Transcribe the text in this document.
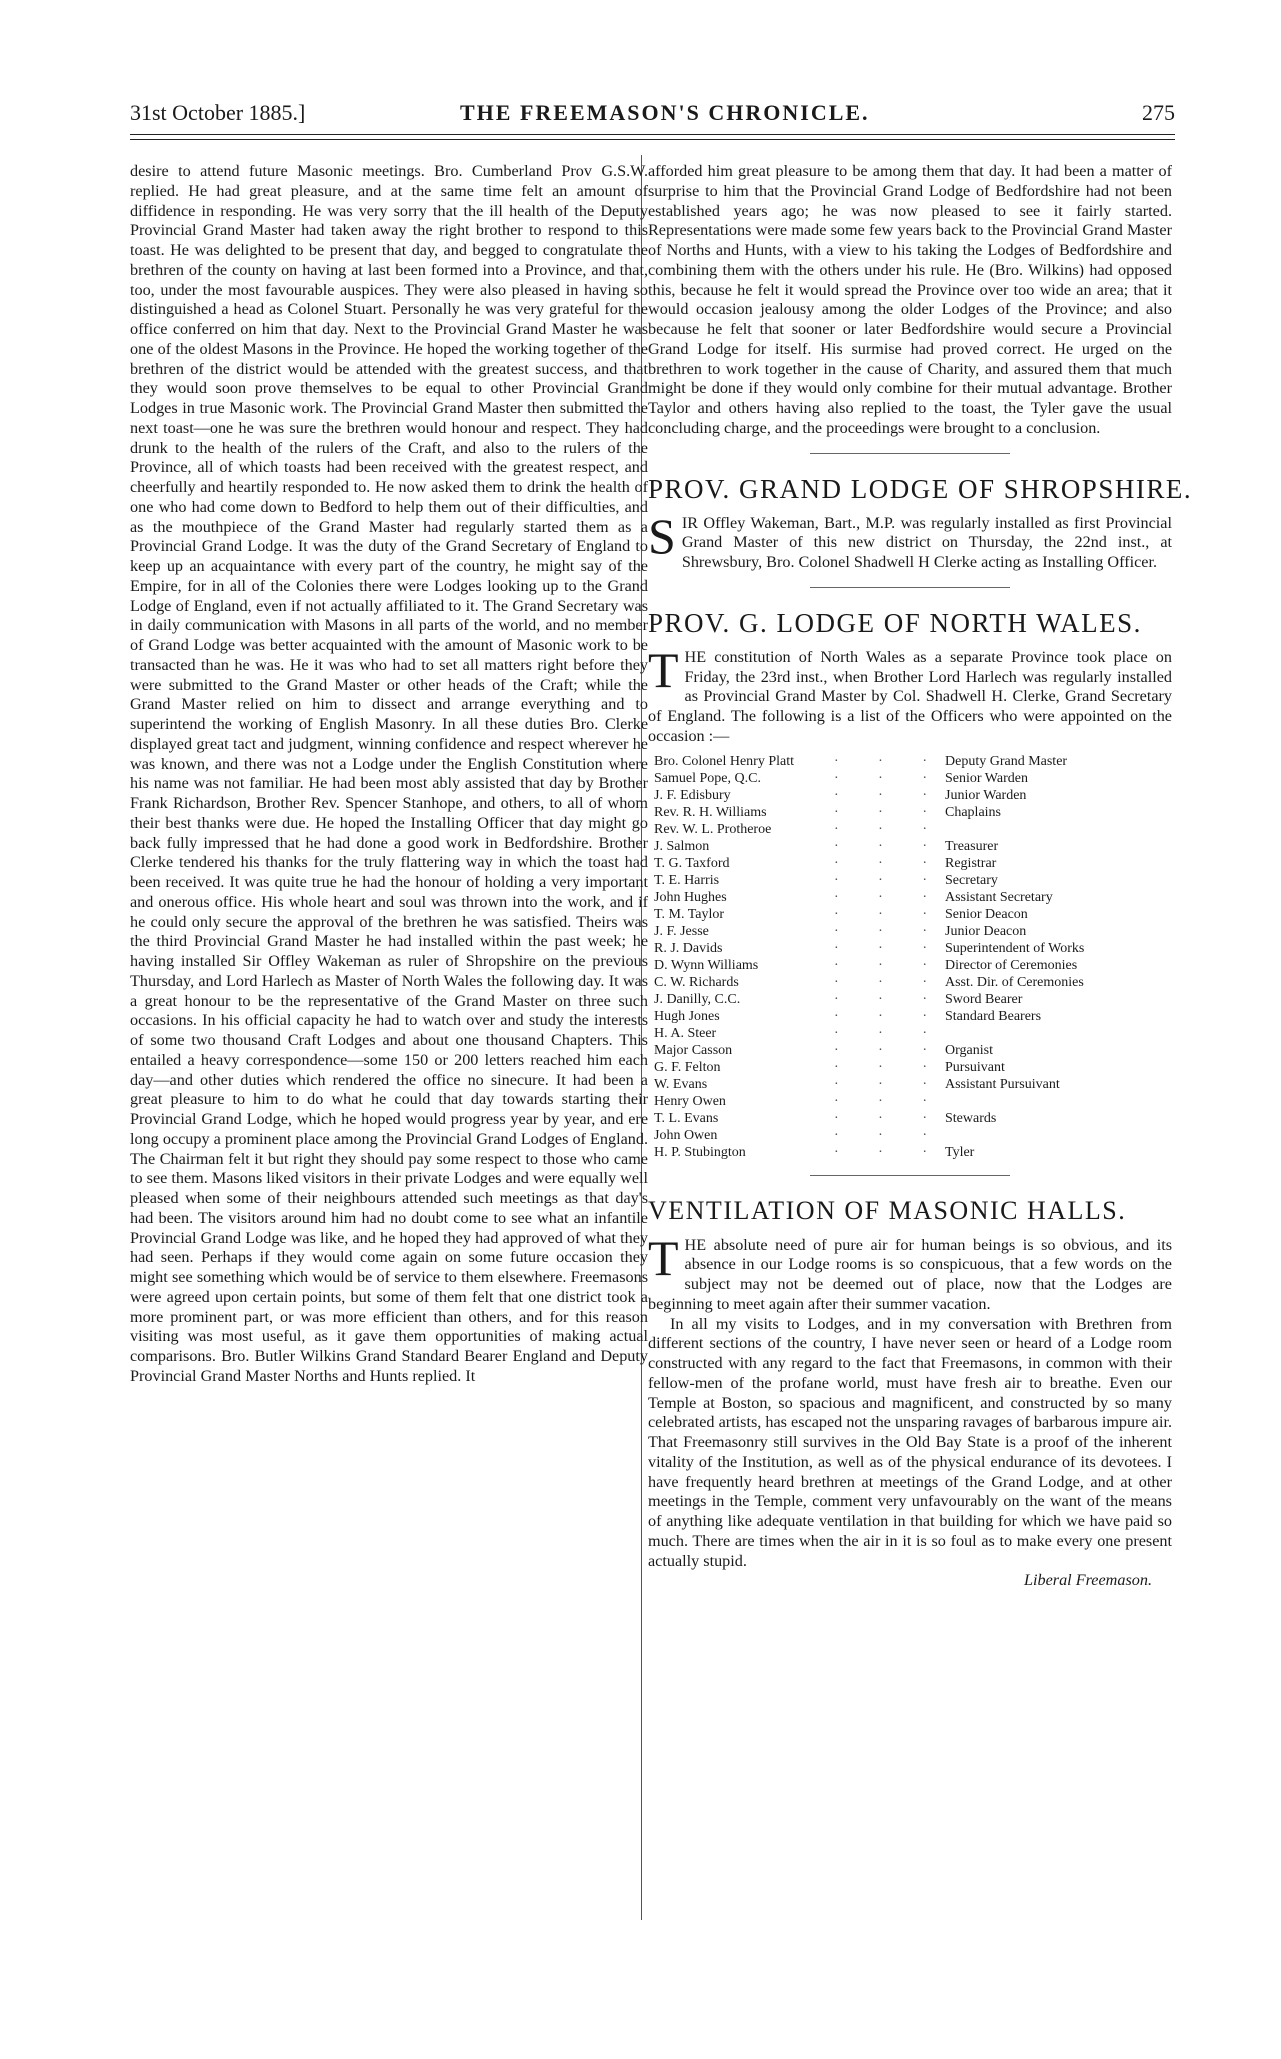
31st October 1885.]	THE FREEMASON'S CHRONICLE.	275

desire to attend future Masonic meetings. Bro. Cumberland Prov G.S.W. replied. He had great pleasure, and at the same time felt an amount of diffidence in responding. He was very sorry that the ill health of the Deputy Provincial Grand Master had taken away the right brother to respond to this toast. He was delighted to be present that day, and begged to congratulate the brethren of the county on having at last been formed into a Province, and that, too, under the most favourable auspices. They were also pleased in having so distinguished a head as Colonel Stuart. Personally he was very grateful for the office conferred on him that day. Next to the Provincial Grand Master he was one of the oldest Masons in the Province. He hoped the working together of the brethren of the district would be attended with the greatest success, and that they would soon prove themselves to be equal to other Provincial Grand Lodges in true Masonic work. The Provincial Grand Master then submitted the next toast—one he was sure the brethren would honour and respect. They had drunk to the health of the rulers of the Craft, and also to the rulers of the Province, all of which toasts had been received with the greatest respect, and cheerfully and heartily responded to. He now asked them to drink the health of one who had come down to Bedford to help them out of their difficulties, and as the mouthpiece of the Grand Master had regularly started them as a Provincial Grand Lodge. It was the duty of the Grand Secretary of England to keep up an acquaintance with every part of the country, he might say of the Empire, for in all of the Colonies there were Lodges looking up to the Grand Lodge of England, even if not actually affiliated to it. The Grand Secretary was in daily communication with Masons in all parts of the world, and no member of Grand Lodge was better acquainted with the amount of Masonic work to be transacted than he was. He it was who had to set all matters right before they were submitted to the Grand Master or other heads of the Craft; while the Grand Master relied on him to dissect and arrange everything and to superintend the working of English Masonry. In all these duties Bro. Clerke displayed great tact and judgment, winning confidence and respect wherever he was known, and there was not a Lodge under the English Constitution where his name was not familiar. He had been most ably assisted that day by Brother Frank Richardson, Brother Rev. Spencer Stanhope, and others, to all of whom their best thanks were due. He hoped the Installing Officer that day might go back fully impressed that he had done a good work in Bedfordshire. Brother Clerke tendered his thanks for the truly flattering way in which the toast had been received. It was quite true he had the honour of holding a very important and onerous office. His whole heart and soul was thrown into the work, and if he could only secure the approval of the brethren he was satisfied. Theirs was the third Provincial Grand Master he had installed within the past week; he having installed Sir Offley Wakeman as ruler of Shropshire on the previous Thursday, and Lord Harlech as Master of North Wales the following day. It was a great honour to be the representative of the Grand Master on three such occasions. In his official capacity he had to watch over and study the interests of some two thousand Craft Lodges and about one thousand Chapters. This entailed a heavy correspondence—some 150 or 200 letters reached him each day—and other duties which rendered the office no sinecure. It had been a great pleasure to him to do what he could that day towards starting their Provincial Grand Lodge, which he hoped would progress year by year, and ere long occupy a prominent place among the Provincial Grand Lodges of England. The Chairman felt it but right they should pay some respect to those who came to see them. Masons liked visitors in their private Lodges and were equally well pleased when some of their neighbours attended such meetings as that day's had been. The visitors around him had no doubt come to see what an infantile Provincial Grand Lodge was like, and he hoped they had approved of what they had seen. Perhaps if they would come again on some future occasion they might see something which would be of service to them elsewhere. Freemasons were agreed upon certain points, but some of them felt that one district took a more prominent part, or was more efficient than others, and for this reason visiting was most useful, as it gave them opportunities of making actual comparisons. Bro. Butler Wilkins Grand Standard Bearer England and Deputy Provincial Grand Master Norths and Hunts replied. It

afforded him great pleasure to be among them that day. It had been a matter of surprise to him that the Provincial Grand Lodge of Bedfordshire had not been established years ago; he was now pleased to see it fairly started. Representations were made some few years back to the Provincial Grand Master of Norths and Hunts, with a view to his taking the Lodges of Bedfordshire and combining them with the others under his rule. He (Bro. Wilkins) had opposed this, because he felt it would spread the Province over too wide an area; that it would occasion jealousy among the older Lodges of the Province; and also because he felt that sooner or later Bedfordshire would secure a Provincial Grand Lodge for itself. His surmise had proved correct. He urged on the brethren to work together in the cause of Charity, and assured them that much might be done if they would only combine for their mutual advantage. Brother Taylor and others having also replied to the toast, the Tyler gave the usual concluding charge, and the proceedings were brought to a conclusion.

PROV. GRAND LODGE OF SHROPSHIRE.

SIR Offley Wakeman, Bart., M.P. was regularly installed as first Provincial Grand Master of this new district on Thursday, the 22nd inst., at Shrewsbury, Bro. Colonel Shadwell H Clerke acting as Installing Officer.

PROV. G. LODGE OF NORTH WALES.

THE constitution of North Wales as a separate Province took place on Friday, the 23rd inst., when Brother Lord Harlech was regularly installed as Provincial Grand Master by Col. Shadwell H. Clerke, Grand Secretary of England. The following is a list of the Officers who were appointed on the occasion :—

Bro. Colonel Henry Platt	· · ·	Deputy Grand Master
Samuel Pope, Q.C.	· · ·	Senior Warden
J. F. Edisbury	· · ·	Junior Warden
Rev. R. H. Williams	· · ·	Chaplains
Rev. W. L. Protheroe	· · ·	
J. Salmon	· · ·	Treasurer
T. G. Taxford	· · ·	Registrar
T. E. Harris	· · ·	Secretary
John Hughes	· · ·	Assistant Secretary
T. M. Taylor	· · ·	Senior Deacon
J. F. Jesse	· · ·	Junior Deacon
R. J. Davids	· · ·	Superintendent of Works
D. Wynn Williams	· · ·	Director of Ceremonies
C. W. Richards	· · ·	Asst. Dir. of Ceremonies
J. Danilly, C.C.	· · ·	Sword Bearer
Hugh Jones	· · ·	Standard Bearers
H. A. Steer	· · ·	
Major Casson	· · ·	Organist
G. F. Felton	· · ·	Pursuivant
W. Evans	· · ·	Assistant Pursuivant
Henry Owen	· · ·	
T. L. Evans	· · ·	Stewards
John Owen	· · ·	
H. P. Stubington	· · ·	Tyler
VENTILATION OF MASONIC HALLS.

THE absolute need of pure air for human beings is so obvious, and its absence in our Lodge rooms is so conspicuous, that a few words on the subject may not be deemed out of place, now that the Lodges are beginning to meet again after their summer vacation.

In all my visits to Lodges, and in my conversation with Brethren from different sections of the country, I have never seen or heard of a Lodge room constructed with any regard to the fact that Freemasons, in common with their fellow-men of the profane world, must have fresh air to breathe. Even our Temple at Boston, so spacious and magnificent, and constructed by so many celebrated artists, has escaped not the unsparing ravages of barbarous impure air. That Freemasonry still survives in the Old Bay State is a proof of the inherent vitality of the Institution, as well as of the physical endurance of its devotees. I have frequently heard brethren at meetings of the Grand Lodge, and at other meetings in the Temple, comment very unfavourably on the want of the means of anything like adequate ventilation in that building for which we have paid so much. There are times when the air in it is so foul as to make every one present actually stupid.

Liberal Freemason.
